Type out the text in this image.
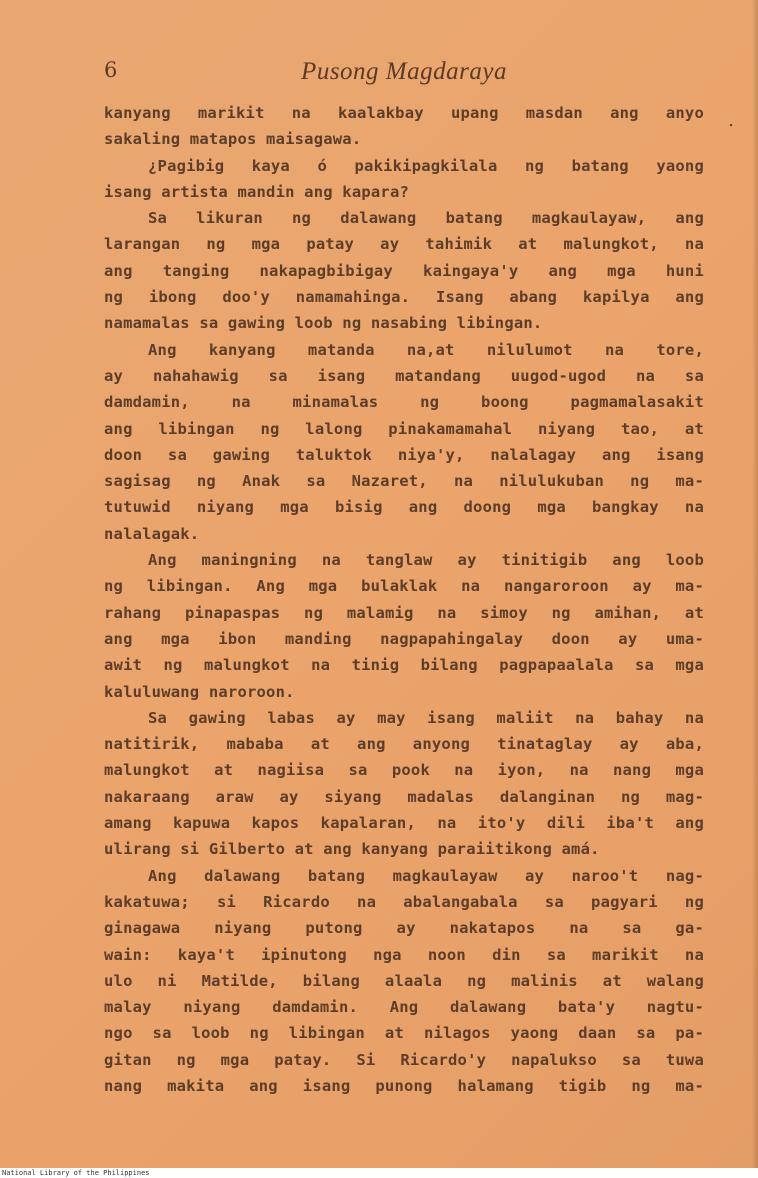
6	Pusong Magdaraya
.
kanyang marikit na kaalakbay upang masdan ang anyo
sakaling matapos maisagawa.
¿Pagibig kaya ó pakikipagkilala ng batang yaong
isang artista mandin ang kapara?
Sa likuran ng dalawang batang magkaulayaw, ang
larangan ng mga patay ay tahimik at malungkot, na
ang tanging nakapagbibigay kaingaya'y ang mga huni
ng ibong doo'y namamahinga. Isang abang kapilya ang
namamalas sa gawing loob ng nasabing libingan.
Ang kanyang matanda na,at nilulumot na tore,
ay nahahawig sa isang matandang uugod-ugod na sa
damdamin, na minamalas ng boong pagmamalasakit
ang libingan ng lalong pinakamamahal niyang tao, at
doon sa gawing taluktok niya'y, nalalagay ang isang
sagisag ng Anak sa Nazaret, na nilulukuban ng ma-
tutuwid niyang mga bisig ang doong mga bangkay na
nalalagak.
Ang maningning na tanglaw ay tinitigib ang loob
ng libingan. Ang mga bulaklak na nangaroroon ay ma-
rahang pinapaspas ng malamig na simoy ng amihan, at
ang mga ibon manding nagpapahingalay doon ay uma-
awit ng malungkot na tinig bilang pagpapaalala sa mga
kaluluwang naroroon.
Sa gawing labas ay may isang maliit na bahay na
natitirik, mababa at ang anyong tinataglay ay aba,
malungkot at nagiisa sa pook na iyon, na nang mga
nakaraang araw ay siyang madalas dalanginan ng mag-
amang kapuwa kapos kapalaran, na ito'y dili iba't ang
ulirang si Gilberto at ang kanyang paraiitikong amá.
Ang dalawang batang magkaulayaw ay naroo't nag-
kakatuwa; si Ricardo na abalangabala sa pagyari ng
ginagawa niyang putong ay nakatapos na sa ga-
wain: kaya't ipinutong nga noon din sa marikit na
ulo ni Matilde, bilang alaala ng malinis at walang
malay niyang damdamin. Ang dalawang bata'y nagtu-
ngo sa loob ng libingan at nilagos yaong daan sa pa-
gitan ng mga patay. Si Ricardo'y napalukso sa tuwa
nang makita ang isang punong halamang tigib ng ma-
National Library of the Philippines
